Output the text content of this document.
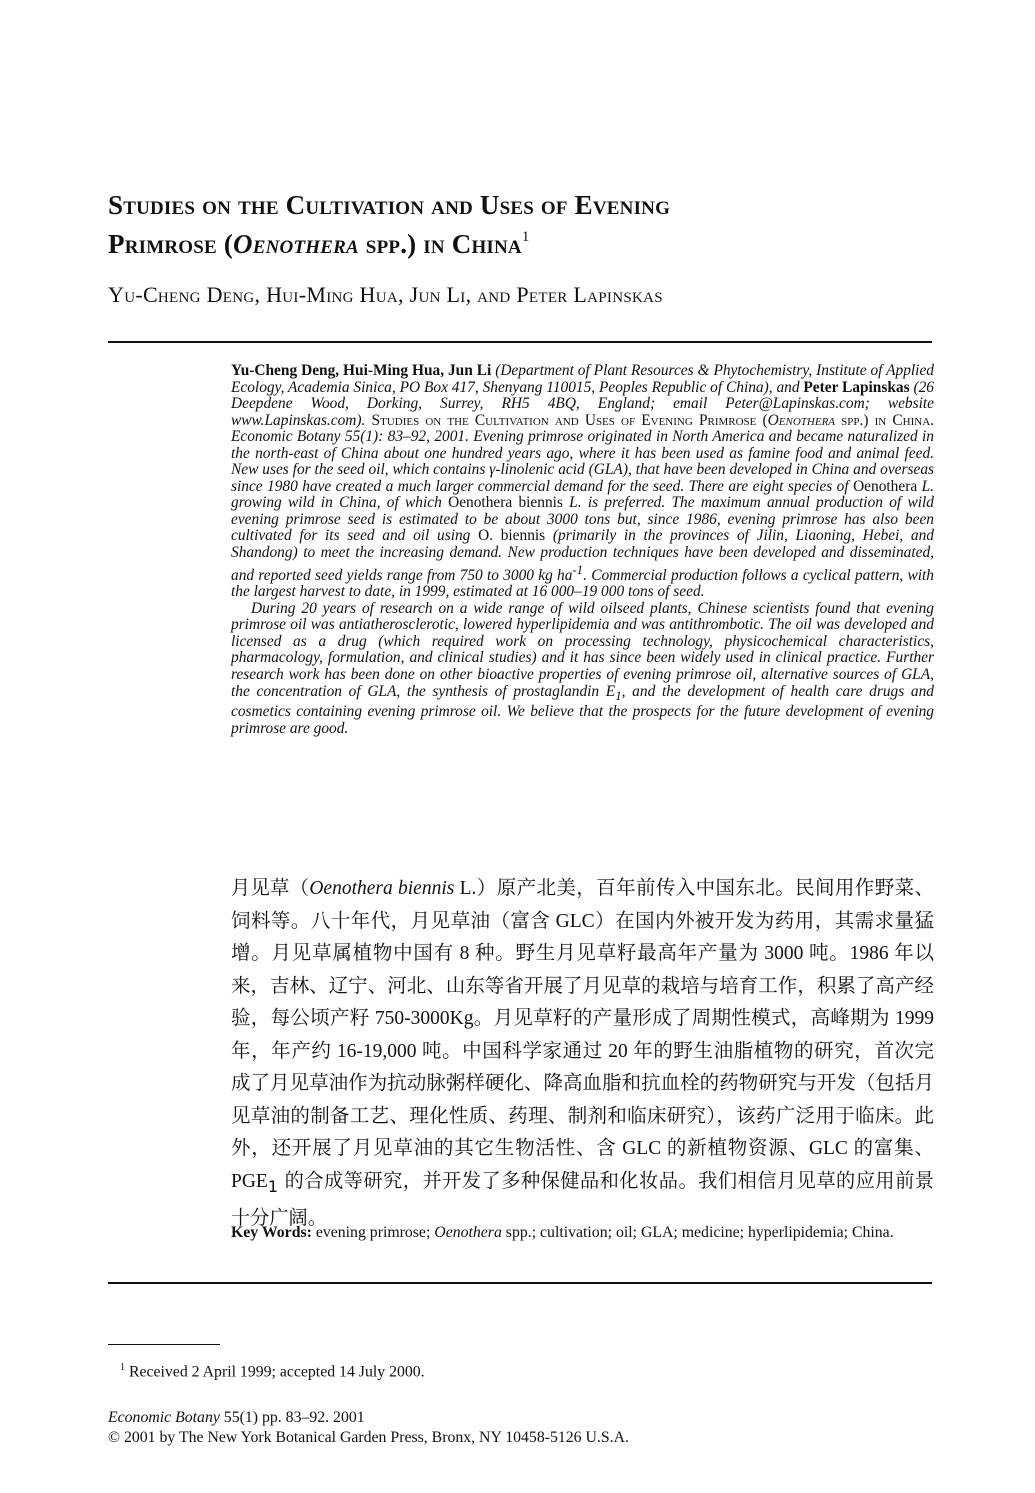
Studies on the Cultivation and Uses of Evening
Primrose (Oenothera spp.) in China$^1$

Yu-Cheng Deng, Hui-Ming Hua, Jun Li, and Peter Lapinskas

Yu-Cheng Deng, Hui-Ming Hua, Jun Li (Department of Plant Resources & Phytochemistry, Institute of Applied Ecology, Academia Sinica, PO Box 417, Shenyang 110015, Peoples Republic of China), and Peter Lapinskas (26 Deepdene Wood, Dorking, Surrey, RH5 4BQ, England; email Peter@Lapinskas.com; website www.Lapinskas.com). Studies on the Cultivation and Uses of Evening Primrose (Oenothera spp.) in China. Economic Botany 55(1): 83–92, 2001. Evening primrose originated in North America and became naturalized in the north-east of China about one hundred years ago, where it has been used as famine food and animal feed. New uses for the seed oil, which contains γ-linolenic acid (GLA), that have been developed in China and overseas since 1980 have created a much larger commercial demand for the seed. There are eight species of Oenothera L. growing wild in China, of which Oenothera biennis L. is preferred. The maximum annual production of wild evening primrose seed is estimated to be about 3000 tons but, since 1986, evening primrose has also been cultivated for its seed and oil using O. biennis (primarily in the provinces of Jilin, Liaoning, Hebei, and Shandong) to meet the increasing demand. New production techniques have been developed and disseminated, and reported seed yields range from 750 to 3000 kg $ha^{-1}$. Commercial production follows a cyclical pattern, with the largest harvest to date, in 1999, estimated at 16 000–19 000 tons of seed.

During 20 years of research on a wide range of wild oilseed plants, Chinese scientists found that evening primrose oil was antiatherosclerotic, lowered hyperlipidemia and was antithrombotic. The oil was developed and licensed as a drug (which required work on processing technology, physicochemical characteristics, pharmacology, formulation, and clinical studies) and it has since been widely used in clinical practice. Further research work has been done on other bioactive properties of evening primrose oil, alternative sources of GLA, the concentration of GLA, the synthesis of prostaglandin $E_1$, and the development of health care drugs and cosmetics containing evening primrose oil. We believe that the prospects for the future development of evening primrose are good.

月见草（Oenothera biennis L.）原产北美，百年前传入中国东北。民间用作野菜、饲料等。八十年代，月见草油（富含 GLC）在国内外被开发为药用，其需求量猛增。月见草属植物中国有 8 种。野生月见草籽最高年产量为 3000 吨。1986 年以来，吉林、辽宁、河北、山东等省开展了月见草的栽培与培育工作，积累了高产经验，每公顷产籽 750-3000Kg。月见草籽的产量形成了周期性模式，高峰期为 1999 年，年产约 16-19,000 吨。中国科学家通过 20 年的野生油脂植物的研究，首次完成了月见草油作为抗动脉粥样硬化、降高血脂和抗血栓的药物研究与开发（包括月见草油的制备工艺、理化性质、药理、制剂和临床研究），该药广泛用于临床。此外，还开展了月见草油的其它生物活性、含 GLC 的新植物资源、GLC 的富集、$PGE_1$ 的合成等研究，并开发了多种保健品和化妆品。我们相信月见草的应用前景十分广阔。

Key Words: evening primrose; Oenothera spp.; cultivation; oil; GLA; medicine; hyperlipidemia; China.

$^1$ Received 2 April 1999; accepted 14 July 2000.

Economic Botany 55(1) pp. 83–92. 2001

© 2001 by The New York Botanical Garden Press, Bronx, NY 10458-5126 U.S.A.
